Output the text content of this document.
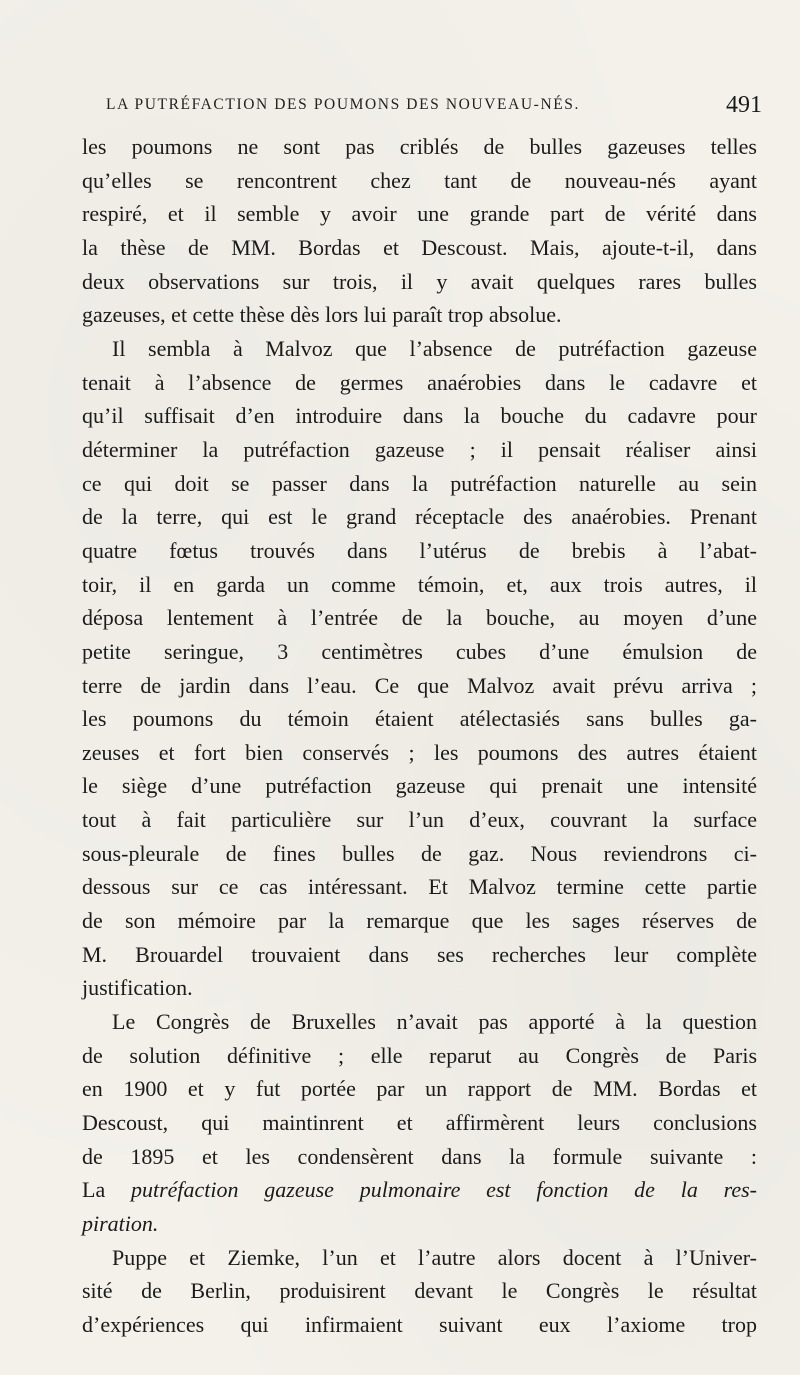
LA PUTRÉFACTION DES POUMONS DES NOUVEAU-NÉS.	491
les poumons ne sont pas criblés de bulles gazeuses telles
qu’elles se rencontrent chez tant de nouveau-nés ayant
respiré, et il semble y avoir une grande part de vérité dans
la thèse de MM. Bordas et Descoust. Mais, ajoute-t-il, dans
deux observations sur trois, il y avait quelques rares bulles
gazeuses, et cette thèse dès lors lui paraît trop absolue.
Il sembla à Malvoz que l’absence de putréfaction gazeuse
tenait à l’absence de germes anaérobies dans le cadavre et
qu’il suffisait d’en introduire dans la bouche du cadavre pour
déterminer la putréfaction gazeuse ; il pensait réaliser ainsi
ce qui doit se passer dans la putréfaction naturelle au sein
de la terre, qui est le grand réceptacle des anaérobies. Prenant
quatre fœtus trouvés dans l’utérus de brebis à l’abat-
toir, il en garda un comme témoin, et, aux trois autres, il
déposa lentement à l’entrée de la bouche, au moyen d’une
petite seringue, 3 centimètres cubes d’une émulsion de
terre de jardin dans l’eau. Ce que Malvoz avait prévu arriva ;
les poumons du témoin étaient atélectasiés sans bulles ga-
zeuses et fort bien conservés ; les poumons des autres étaient
le siège d’une putréfaction gazeuse qui prenait une intensité
tout à fait particulière sur l’un d’eux, couvrant la surface
sous-pleurale de fines bulles de gaz. Nous reviendrons ci-
dessous sur ce cas intéressant. Et Malvoz termine cette partie
de son mémoire par la remarque que les sages réserves de
M. Brouardel trouvaient dans ses recherches leur complète
justification.
Le Congrès de Bruxelles n’avait pas apporté à la question
de solution définitive ; elle reparut au Congrès de Paris
en 1900 et y fut portée par un rapport de MM. Bordas et
Descoust, qui maintinrent et affirmèrent leurs conclusions
de 1895 et les condensèrent dans la formule suivante :
La putréfaction gazeuse pulmonaire est fonction de la res-
piration.
Puppe et Ziemke, l’un et l’autre alors docent à l’Univer-
sité de Berlin, produisirent devant le Congrès le résultat
d’expériences qui infirmaient suivant eux l’axiome trop
